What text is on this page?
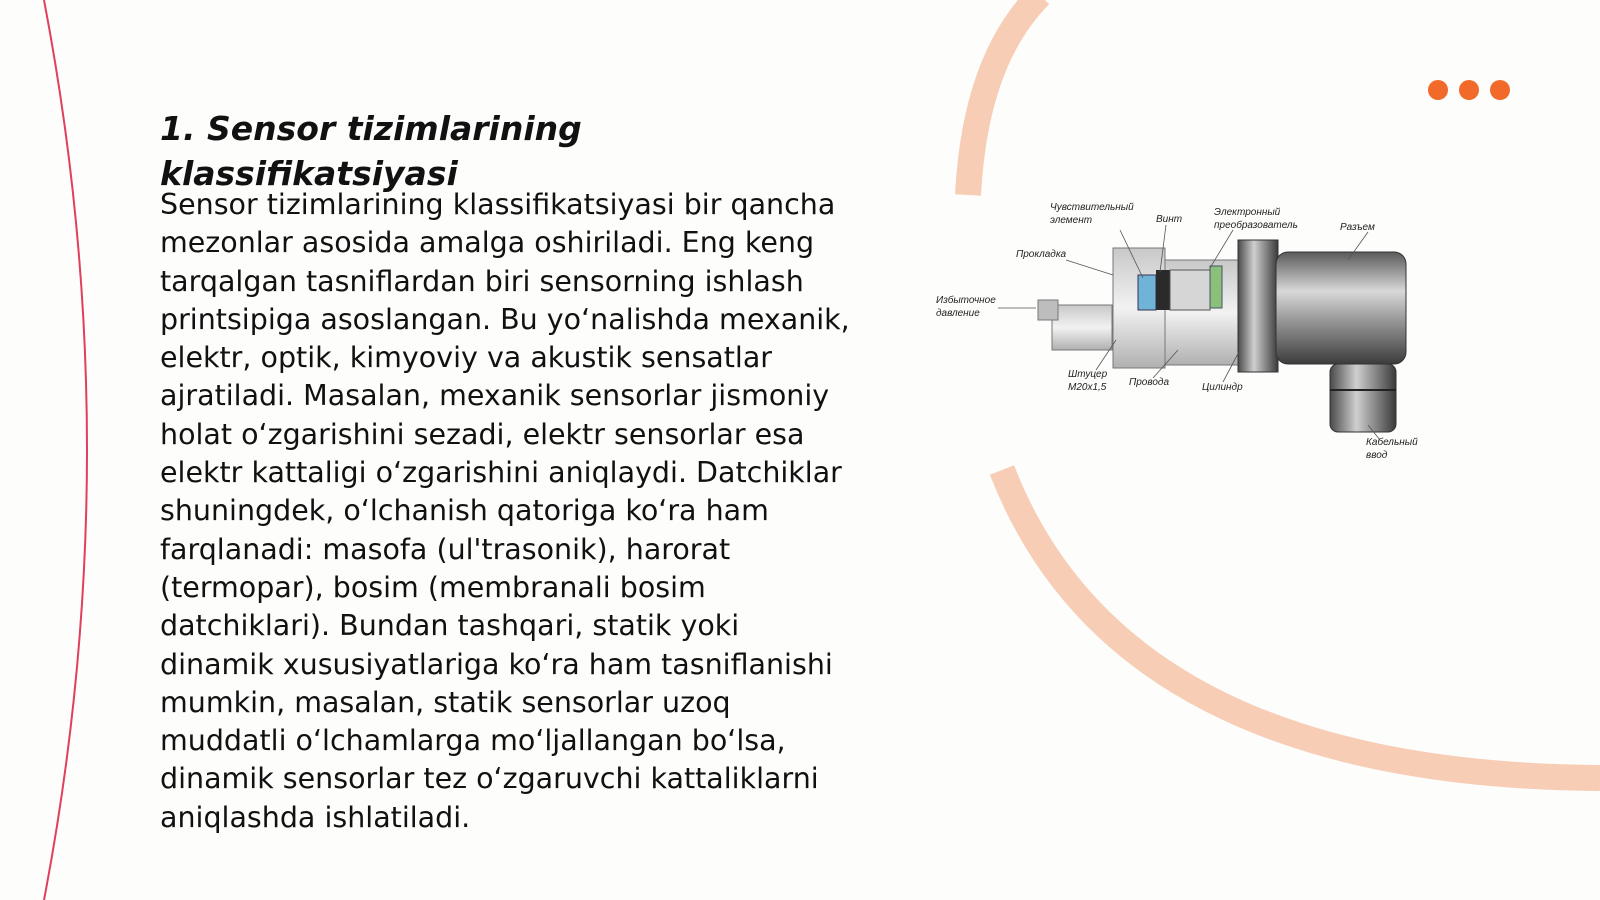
1. Sensor tizimlarining klassifikatsiyasi

Sensor tizimlarining klassifikatsiyasi bir qancha mezonlar asosida amalga oshiriladi. Eng keng tarqalgan tasniflardan biri sensorning ishlash printsipiga asoslangan. Bu yo‘nalishda mexanik, elektr, optik, kimyoviy va akustik sensatlar ajratiladi. Masalan, mexanik sensorlar jismoniy holat o‘zgarishini sezadi, elektr sensorlar esa elektr kattaligi o‘zgarishini aniqlaydi. Datchiklar shuningdek, o‘lchanish qatoriga ko‘ra ham farqlanadi: masofa (ul'trasonik), harorat (termopar), bosim (membranali bosim datchiklari). Bundan tashqari, statik yoki dinamik xususiyatlariga ko‘ra ham tasniflanishi mumkin, masalan, statik sensorlar uzoq muddatli o‘lchamlarga mo‘ljallangan bo‘lsa, dinamik sensorlar tez o‘zgaruvchi kattaliklarni aniqlashda ishlatiladi.

Чувствительный
элемент	Винт
Электронный
преобразователь	Разъем
Прокладка
Избыточное
давление
Штуцер
M20x1,5 Провода	Цилиндр
Кабельный
ввод
